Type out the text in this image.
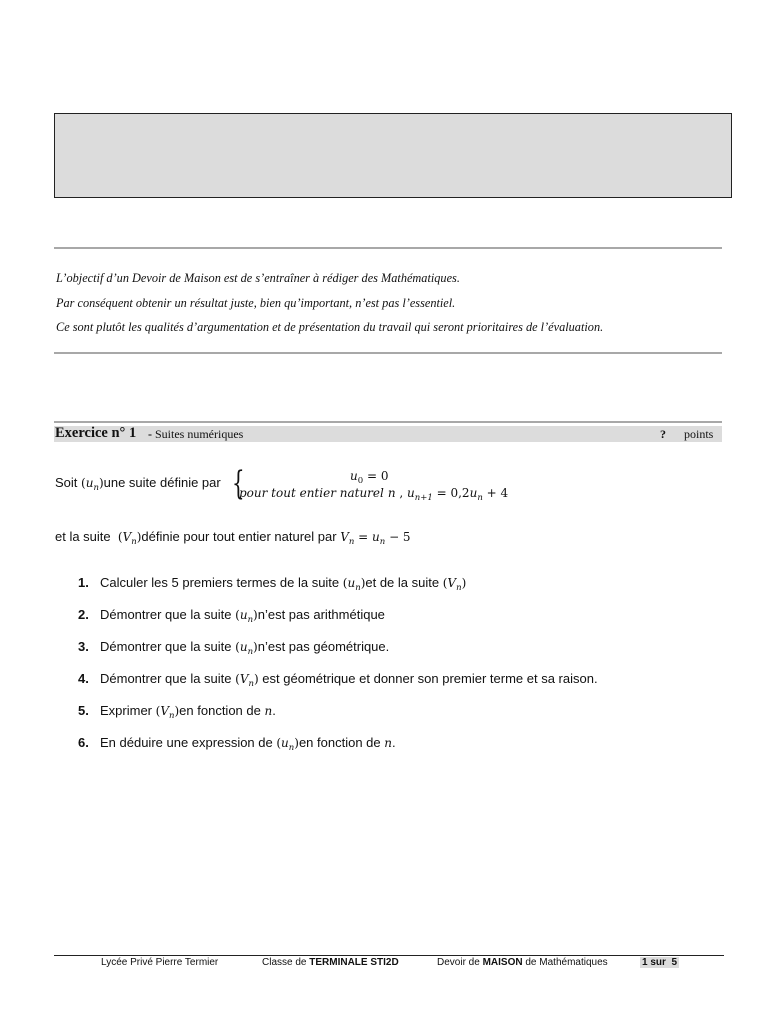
L’objectif d’un Devoir de Maison est de s’entraîner à rédiger des Mathématiques.
Par conséquent obtenir un résultat juste, bien qu’important, n’est pas l’essentiel.
Ce sont plutôt les qualités d’argumentation et de présentation du travail qui seront prioritaires de l’évaluation.
Exercice n° 1 - Suites numériques	? points
Soit $(u_n)une$ suite définie par {	$u_0 = 0$
pour tout entier naturel n , $u_{n+1} = 0,2u_n + 4$
et la suite $(V_n)définie$ pour tout entier naturel par $V_n = u_n - 5$
1. Calculer les 5 premiers termes de la suite $(u_n)et$ de la suite $(V_n)$
2. Démontrer que la suite $(u_n)n’est$ pas arithmétique
3. Démontrer que la suite $(u_n)n’est$ pas géométrique.
4. Démontrer que la suite $(V_n)$ est géométrique et donner son premier terme et sa raison.
5. Exprimer $(V_n)en$ fonction de n.
6. En déduire une expression de $(u_n)en$ fonction de n.
Lycée Privé Pierre Termier	Classe de TERMINALE STI2D	Devoir de MAISON de Mathématiques	1 sur 5
